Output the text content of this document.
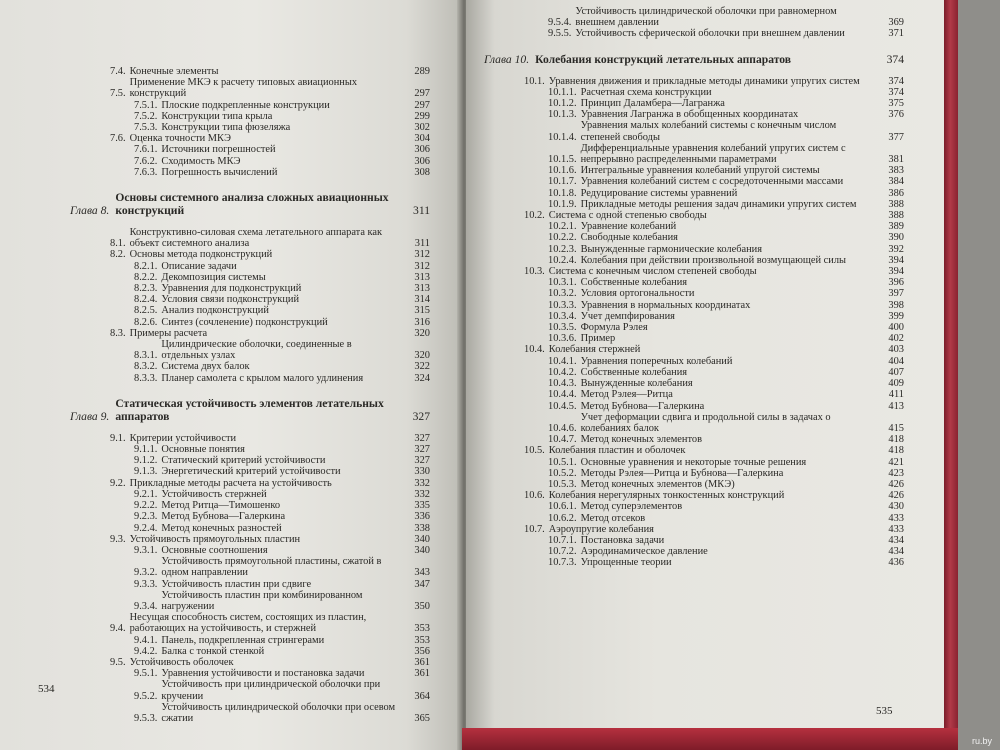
7.4. Конечные элементы	289
7.5.
Применение МКЭ к расчету типовых авиационных конструкций	297
7.5.1. Плоские подкрепленные конструкции	297
7.5.2. Конструкции типа крыла	299
7.5.3. Конструкции типа фюзеляжа	302
7.6. Оценка точности МКЭ	304
7.6.1. Источники погрешностей	306
7.6.2. Сходимость МКЭ	306
7.6.3. Погрешность вычислений	308
Глава 8.
Основы системного анализа сложных авиационных конструкций	311
8.1.
Конструктивно-силовая схема летательного аппарата как объект системного анализа	311
8.2. Основы метода подконструкций	312
8.2.1. Описание задачи	312
8.2.2. Декомпозиция системы	313
8.2.3. Уравнения для подконструкций	313
8.2.4. Условия связи подконструкций	314
8.2.5. Анализ подконструкций	315
8.2.6. Синтез (сочленение) подконструкций	316
8.3. Примеры расчета	320
8.3.1.
Цилиндрические оболочки, соединенные в отдельных узлах	320
8.3.2. Система двух балок	322
8.3.3. Планер самолета с крылом малого удлинения	324
Глава 9.
Статическая устойчивость элементов летательных аппаратов	327
9.1. Критерии устойчивости	327
9.1.1. Основные понятия	327
9.1.2. Статический критерий устойчивости	327
9.1.3. Энергетический критерий устойчивости	330
9.2. Прикладные методы расчета на устойчивость	332
9.2.1. Устойчивость стержней	332
9.2.2. Метод Ритца—Тимошенко	335
9.2.3. Метод Бубнова—Галеркина	336
9.2.4. Метод конечных разностей	338
9.3. Устойчивость прямоугольных пластин	340
9.3.1. Основные соотношения	340
9.3.2.
Устойчивость прямоугольной пластины, сжатой в одном направлении	343
9.3.3. Устойчивость пластин при сдвиге	347
9.3.4.
Устойчивость пластин при комбинированном нагружении	350
9.4.
Несущая способность систем, состоящих из пластин, работающих на устойчивость, и стержней	353
9.4.1. Панель, подкрепленная стрингерами	353
9.4.2. Балка с тонкой стенкой	356
9.5. Устойчивость оболочек	361
9.5.1. Уравнения устойчивости и постановка задачи	361
9.5.2.
Устойчивость при цилиндрической оболочки при кручении	364
9.5.3.
Устойчивость цилиндрической оболочки при осевом сжатии	365
534
9.5.4.
Устойчивость цилиндрической оболочки при равномерном внешнем давлении	369
9.5.5. Устойчивость сферической оболочки при внешнем давлении	371
Глава 10. Колебания конструкций летательных аппаратов	374
10.1. Уравнения движения и прикладные методы динамики упругих систем	374
10.1.1. Расчетная схема конструкции	374
10.1.2. Принцип Даламбера—Лагранжа	375
10.1.3. Уравнения Лагранжа в обобщенных координатах	376
10.1.4.
Уравнения малых колебаний системы с конечным числом степеней свободы	377
10.1.5.
Дифференциальные уравнения колебаний упругих систем с непрерывно распределенными параметрами	381
10.1.6. Интегральные уравнения колебаний упругой системы	383
10.1.7. Уравнения колебаний систем с сосредоточенными массами	384
10.1.8. Редуцирование системы уравнений	386
10.1.9. Прикладные методы решения задач динамики упругих систем	388
10.2. Система с одной степенью свободы	388
10.2.1. Уравнение колебаний	389
10.2.2. Свободные колебания	390
10.2.3. Вынужденные гармонические колебания	392
10.2.4. Колебания при действии произвольной возмущающей силы	394
10.3. Система с конечным числом степеней свободы	394
10.3.1. Собственные колебания	396
10.3.2. Условия ортогональности	397
10.3.3. Уравнения в нормальных координатах	398
10.3.4. Учет демпфирования	399
10.3.5. Формула Рэлея	400
10.3.6. Пример	402
10.4. Колебания стержней	403
10.4.1. Уравнения поперечных колебаний	404
10.4.2. Собственные колебания	407
10.4.3. Вынужденные колебания	409
10.4.4. Метод Рэлея—Ритца	411
10.4.5. Метод Бубнова—Галеркина	413
10.4.6.
Учет деформации сдвига и продольной силы в задачах о колебаниях балок	415
10.4.7. Метод конечных элементов	418
10.5. Колебания пластин и оболочек	418
10.5.1. Основные уравнения и некоторые точные решения	421
10.5.2. Методы Рэлея—Ритца и Бубнова—Галеркина	423
10.5.3. Метод конечных элементов (МКЭ)	426
10.6. Колебания нерегулярных тонкостенных конструкций	426
10.6.1. Метод суперэлементов	430
10.6.2. Метод отсеков	433
10.7. Аэроупругие колебания	433
10.7.1. Постановка задачи	434
10.7.2. Аэродинамическое давление	434
10.7.3. Упрощенные теории	436
535
ru.by
